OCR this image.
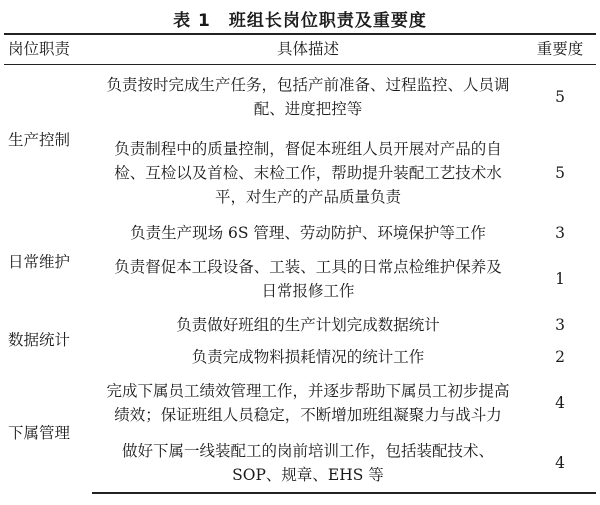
表 1 班组长岗位职责及重要度
岗位职责	具体描述	重要度
生产控制	负责按时完成生产任务，包括产前准备、过程监控、人员调
配、进度把控等	5

	负责制程中的质量控制，督促本班组人员开展对产品的自
检、互检以及首检、末检工作，帮助提升装配工艺技术水
平，对生产的产品质量负责	5
日常维护	负责生产现场 6S 管理、劳动防护、环境保护等工作	3

	负责督促本工段设备、工装、工具的日常点检维护保养及
日常报修工作	1
数据统计	负责做好班组的生产计划完成数据统计	3

	负责完成物料损耗情况的统计工作	2
下属管理	完成下属员工绩效管理工作，并逐步帮助下属员工初步提高
绩效；保证班组人员稳定，不断增加班组凝聚力与战斗力	4

	做好下属一线装配工的岗前培训工作，包括装配技术、
SOP、规章、EHS 等	4
